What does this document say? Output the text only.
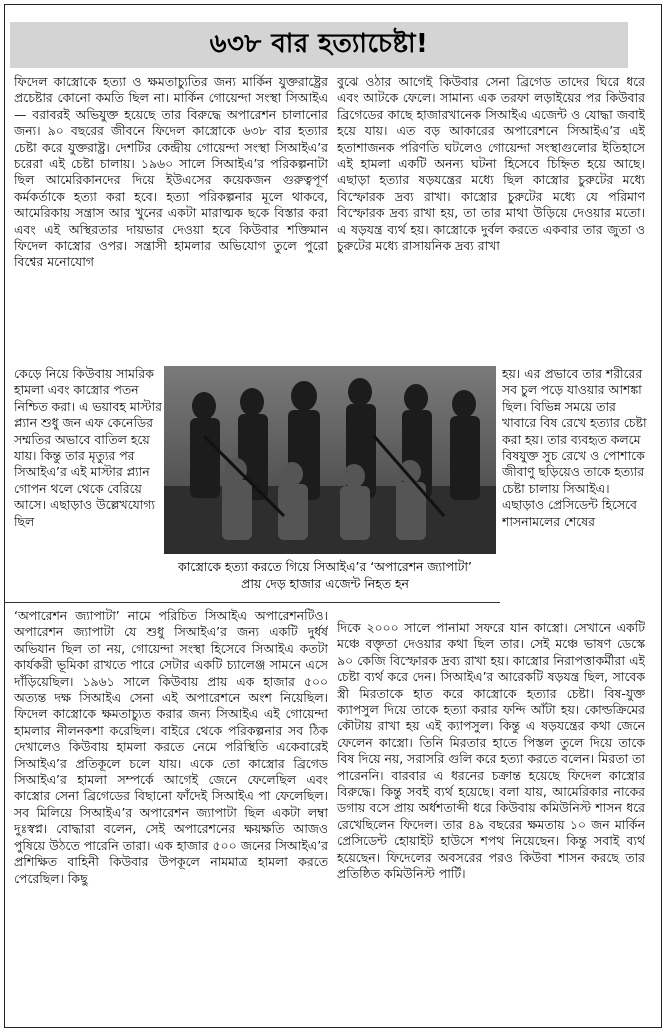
৬৩৮ বার হত্যাচেষ্টা!

ফিদেল কাস্ত্রোকে হত্যা ও ক্ষমতাচ্যুতির জন্য মার্কিন যুক্তরাষ্ট্রের প্রচেষ্টার কোনো কমতি ছিল না। মার্কিন গোয়েন্দা সংস্থা সিআইএ— বরাবরই অভিযুক্ত হয়েছে তার বিরুদ্ধে অপারেশন চালানোর জন্য। ৯০ বছরের জীবনে ফিদেল কাস্ত্রোকে ৬৩৮ বার হত্যার চেষ্টা করে যুক্তরাষ্ট্র। দেশটির কেন্দ্রীয় গোয়েন্দা সংস্থা সিআইএ’র চরেরা এই চেষ্টা চালায়। ১৯৬০ সালে সিআইএ’র পরিকল্পনাটা ছিল আমেরিকানদের দিয়ে ইউএসের কয়েকজন গুরুত্বপূর্ণ কর্মকর্তাকে হত্যা করা হবে। হত্যা পরিকল্পনার মূলে থাকবে, আমেরিকায় সন্ত্রাস আর খুনের একটা মারাত্মক ছকে বিস্তার করা এবং এই অস্থিরতার দায়ভার দেওয়া হবে কিউবার শক্তিমান ফিদেল কাস্ত্রোর ওপর। সন্ত্রাসী হামলার অভিযোগ তুলে পুরো বিশ্বের মনোযোগ

বুঝে ওঠার আগেই কিউবার সেনা ব্রিগেড তাদের ঘিরে ধরে এবং আটকে ফেলে। সামান্য এক তরফা লড়াইয়ের পর কিউবার ব্রিগেডের কাছে হাজারখানেক সিআইএ এজেন্ট ও যোদ্ধা জবাই হয়ে যায়। এত বড় আকারের অপারেশনে সিআইএ’র এই হতাশাজনক পরিণতি ঘটলেও গোয়েন্দা সংস্থাগুলোর ইতিহাসে এই হামলা একটি অনন্য ঘটনা হিসেবে চিহ্নিত হয়ে আছে। এছাড়া হত্যার ষড়যন্ত্রের মধ্যে ছিল কাস্ত্রোর চুরুটের মধ্যে বিস্ফোরক দ্রব্য রাখা। কাস্ত্রোর চুরুটের মধ্যে যে পরিমাণ বিস্ফোরক দ্রব্য রাখা হয়, তা তার মাথা উড়িয়ে দেওয়ার মতো। এ ষড়যন্ত্র ব্যর্থ হয়। কাস্ত্রোকে দুর্বল করতে একবার তার জুতা ও চুরুটের মধ্যে রাসায়নিক দ্রব্য রাখা

কেড়ে নিয়ে কিউবায় সামরিক হামলা এবং কাস্ত্রোর পতন নিশ্চিত করা। এ ভয়াবহ মাস্টার প্ল্যান শুধু জন এফ কেনেডির সম্মতির অভাবে বাতিল হয়ে যায়। কিন্তু তার মৃত্যুর পর সিআইএ’র এই মাস্টার প্ল্যান গোপন থলে থেকে বেরিয়ে আসে। এছাড়াও উল্লেখযোগ্য ছিল

হয়। এর প্রভাবে তার শরীরের সব চুল পড়ে যাওয়ার আশঙ্কা ছিল। বিভিন্ন সময়ে তার খাবারে বিষ রেখে হত্যার চেষ্টা করা হয়। তার ব্যবহৃত কলমে বিষযুক্ত সুচ রেখে ও পোশাকে জীবাণু ছড়িয়েও তাকে হত্যার চেষ্টা চালায় সিআইএ। এছাড়াও প্রেসিডেন্ট হিসেবে শাসনামলের শেষের

কাস্ত্রোকে হত্যা করতে গিয়ে সিআইএ’র ‘অপারেশন জ্যাপাটা’
প্রায় দেড় হাজার এজেন্ট নিহত হন

‘অপারেশন জ্যাপাটা’ নামে পরিচিত সিআইএ অপারেশনটিও। অপারেশন জ্যাপাটা যে শুধু সিআইএ’র জন্য একটি দুর্ধর্ষ অভিযান ছিল তা নয়, গোয়েন্দা সংস্থা হিসেবে সিআইএ কতটা কার্যকরী ভূমিকা রাখতে পারে সেটার একটি চ্যালেঞ্জ সামনে এসে দাঁড়িয়েছিল। ১৯৬১ সালে কিউবায় প্রায় এক হাজার ৫০০ অত্যন্ত দক্ষ সিআইএ সেনা এই অপারেশনে অংশ নিয়েছিল। ফিদেল কাস্ত্রোকে ক্ষমতাচ্যুত করার জন্য সিআইএ এই গোয়েন্দা হামলার নীলনকশা করেছিল। বাইরে থেকে পরিকল্পনার সব ঠিক দেখালেও কিউবায় হামলা করতে নেমে পরিস্থিতি একেবারেই সিআইএ’র প্রতিকূলে চলে যায়। একে তো কাস্ত্রোর ব্রিগেড সিআইএ’র হামলা সম্পর্কে আগেই জেনে ফেলেছিল এবং কাস্ত্রোর সেনা ব্রিগেডের বিছানো ফাঁদেই সিআইএ পা ফেলেছিল। সব মিলিয়ে সিআইএ’র অপারেশন জ্যাপাটা ছিল একটা লম্বা দুঃস্বপ্ন। বোদ্ধারা বলেন, সেই অপারেশনের ক্ষয়ক্ষতি আজও পুষিয়ে উঠতে পারেনি তারা। এক হাজার ৫০০ জনের সিআইএ’র প্রশিক্ষিত বাহিনী কিউবার উপকূলে নামমাত্র হামলা করতে পেরেছিল। কিছু

দিকে ২০০০ সালে পানামা সফরে যান কাস্ত্রো। সেখানে একটি মঞ্চে বক্তৃতা দেওয়ার কথা ছিল তার। সেই মঞ্চে ভাষণ ডেস্কে ৯০ কেজি বিস্ফোরক দ্রব্য রাখা হয়। কাস্ত্রোর নিরাপত্তাকর্মীরা এই চেষ্টা ব্যর্থ করে দেন। সিআইএ’র আরেকটি ষড়যন্ত্র ছিল, সাবেক স্ত্রী মিরতাকে হাত করে কাস্ত্রোকে হত্যার চেষ্টা। বিষ-যুক্ত ক্যাপসুল দিয়ে তাকে হত্যা করার ফন্দি আঁটা হয়। কোল্ডক্রিমের কৌটায় রাখা হয় এই ক্যাপসুল। কিন্তু এ ষড়যন্ত্রের কথা জেনে ফেলেন কাস্ত্রো। তিনি মিরতার হাতে পিস্তল তুলে দিয়ে তাকে বিষ দিয়ে নয়, সরাসরি গুলি করে হত্যা করতে বলেন। মিরতা তা পারেননি। বারবার এ ধরনের চক্রান্ত হয়েছে ফিদেল কাস্ত্রোর বিরুদ্ধে। কিন্তু সবই ব্যর্থ হয়েছে। বলা যায়, আমেরিকার নাকের ডগায় বসে প্রায় অর্ধশতাব্দী ধরে কিউবায় কমিউনিস্ট শাসন ধরে রেখেছিলেন ফিদেল। তার ৪৯ বছরের ক্ষমতায় ১০ জন মার্কিন প্রেসিডেন্ট হোয়াইট হাউসে শপথ নিয়েছেন। কিন্তু সবাই ব্যর্থ হয়েছেন। ফিদেলের অবসরের পরও কিউবা শাসন করছে তার প্রতিষ্ঠিত কমিউনিস্ট পার্টি।
